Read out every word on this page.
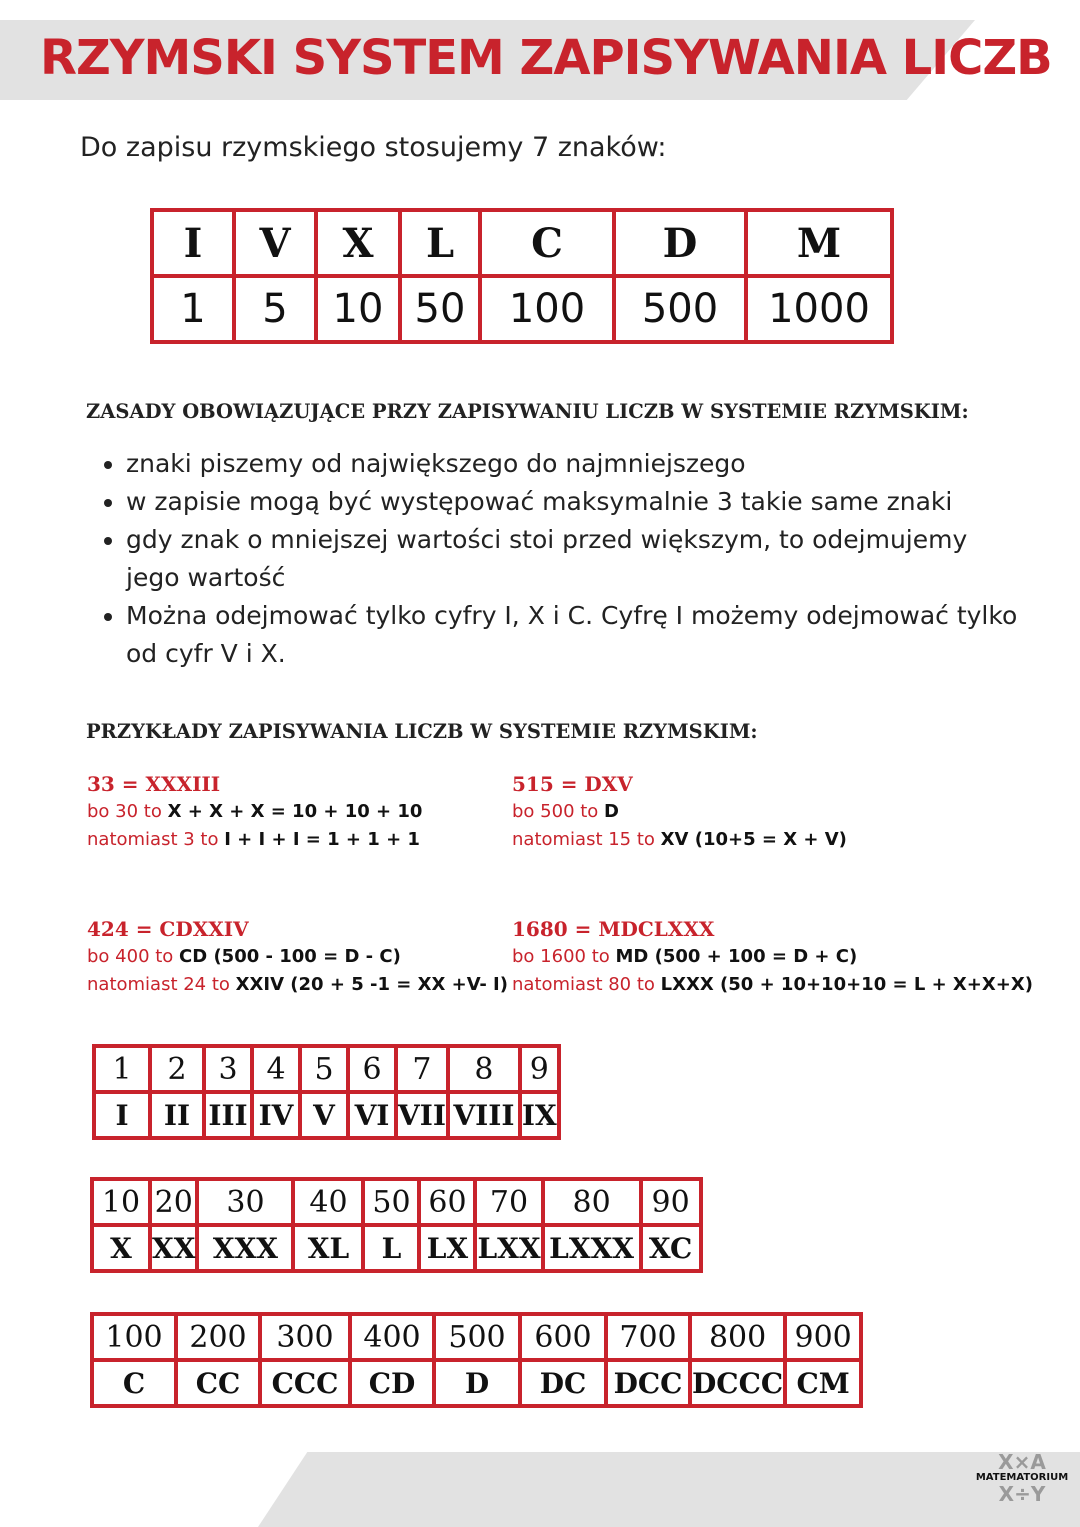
RZYMSKI SYSTEM ZAPISYWANIA LICZB
Do zapisu rzymskiego stosujemy 7 znaków:
I	V	X	L	C	D	M
1	5	10	50	100	500	1000
ZASADY OBOWIĄZUJĄCE PRZY ZAPISYWANIU LICZB W SYSTEMIE RZYMSKIM:
• znaki piszemy od największego do najmniejszego
• w zapisie mogą być występować maksymalnie 3 takie same znaki
• gdy znak o mniejszej wartości stoi przed większym, to odejmujemy jego wartość
• Można odejmować tylko cyfry I, X i C. Cyfrę I możemy odejmować tylko od cyfr V i X.
PRZYKŁADY ZAPISYWANIA LICZB W SYSTEMIE RZYMSKIM:
33 = XXXIII
bo 30 to X + X + X = 10 + 10 + 10
natomiast 3 to I + I + I = 1 + 1 + 1
515 = DXV
bo 500 to D
natomiast 15 to XV (10+5 = X + V)
424 = CDXXIV
bo 400 to CD (500 - 100 = D - C)
natomiast 24 to XXIV (20 + 5 -1 = XX +V- I)
1680 = MDCLXXX
bo 1600 to MD (500 + 100 = D + C)
natomiast 80 to LXXX (50 + 10+10+10 = L + X+X+X)
1	2	3	4	5	6	7	8	9
I	II	III	IV	V	VI	VII	VIII	IX
10	20	30	40	50	60	70	80	90
X	XX	XXX	XL	L	LX	LXX	LXXX	XC
100	200	300	400	500	600	700	800	900
C	CC	CCC	CD	D	DC	DCC	DCCC	CM
X×A
MATEMATORIUM
X÷Y
